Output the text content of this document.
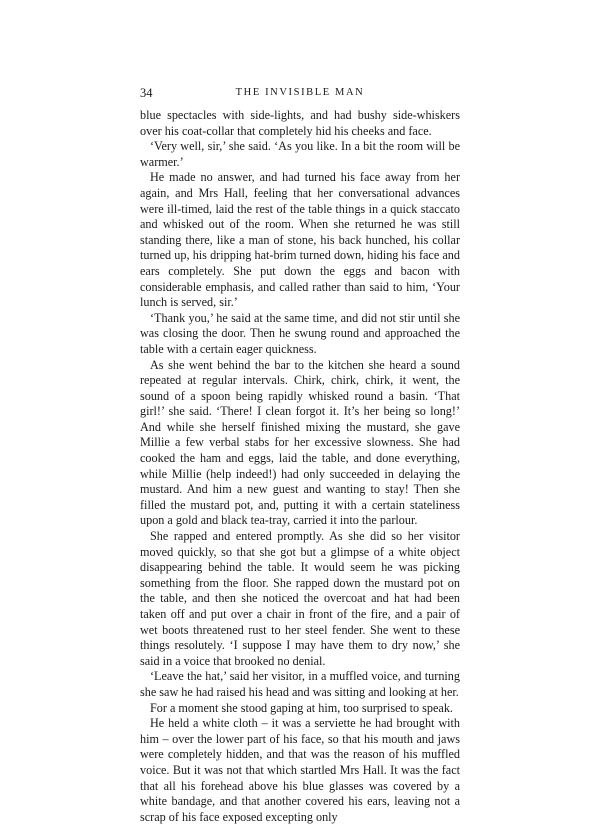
34	THE INVISIBLE MAN

blue spectacles with side-lights, and had bushy side-whiskers over his coat-collar that completely hid his cheeks and face.

‘Very well, sir,’ she said. ‘As you like. In a bit the room will be warmer.’

He made no answer, and had turned his face away from her again, and Mrs Hall, feeling that her conversational advances were ill-timed, laid the rest of the table things in a quick staccato and whisked out of the room. When she returned he was still standing there, like a man of stone, his back hunched, his collar turned up, his dripping hat-brim turned down, hiding his face and ears completely. She put down the eggs and bacon with considerable emphasis, and called rather than said to him, ‘Your lunch is served, sir.’

‘Thank you,’ he said at the same time, and did not stir until she was closing the door. Then he swung round and approached the table with a certain eager quickness.

As she went behind the bar to the kitchen she heard a sound repeated at regular intervals. Chirk, chirk, chirk, it went, the sound of a spoon being rapidly whisked round a basin. ‘That girl!’ she said. ‘There! I clean forgot it. It’s her being so long!’ And while she herself finished mixing the mustard, she gave Millie a few verbal stabs for her excessive slowness. She had cooked the ham and eggs, laid the table, and done everything, while Millie (help indeed!) had only succeeded in delaying the mustard. And him a new guest and wanting to stay! Then she filled the mustard pot, and, putting it with a certain stateliness upon a gold and black tea-tray, carried it into the parlour.

She rapped and entered promptly. As she did so her visitor moved quickly, so that she got but a glimpse of a white object disappearing behind the table. It would seem he was picking something from the floor. She rapped down the mustard pot on the table, and then she noticed the overcoat and hat had been taken off and put over a chair in front of the fire, and a pair of wet boots threatened rust to her steel fender. She went to these things resolutely. ‘I suppose I may have them to dry now,’ she said in a voice that brooked no denial.

‘Leave the hat,’ said her visitor, in a muffled voice, and turning she saw he had raised his head and was sitting and looking at her.

For a moment she stood gaping at him, too surprised to speak.

He held a white cloth – it was a serviette he had brought with him – over the lower part of his face, so that his mouth and jaws were completely hidden, and that was the reason of his muffled voice. But it was not that which startled Mrs Hall. It was the fact that all his forehead above his blue glasses was covered by a white bandage, and that another covered his ears, leaving not a scrap of his face exposed excepting only
